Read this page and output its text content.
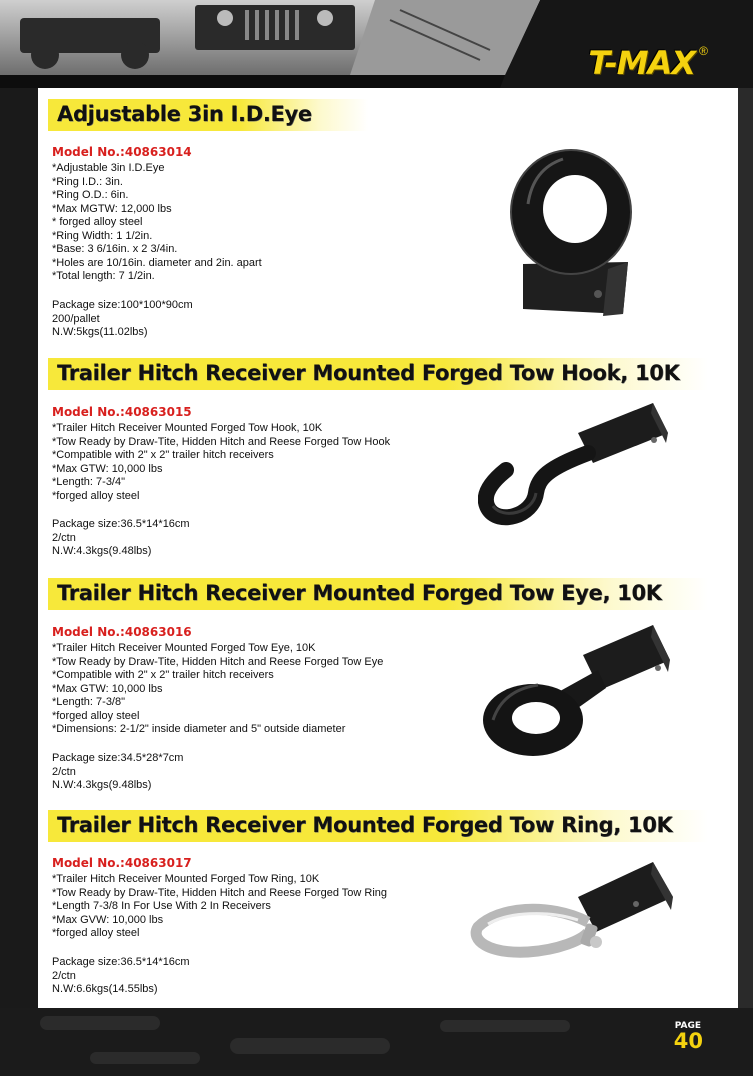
T-MAX ®
Adjustable 3in I.D.Eye
Model No.:40863014
*Adjustable 3in I.D.Eye
*Ring I.D.: 3in.
*Ring O.D.: 6in.
*Max MGTW: 12,000 lbs
* forged alloy steel
*Ring Width: 1 1/2in.
*Base: 3 6/16in. x 2 3/4in.
*Holes are 10/16in. diameter and 2in. apart
*Total length: 7 1/2in.
Package size:100*100*90cm
200/pallet
N.W:5kgs(11.02lbs)
Trailer Hitch Receiver Mounted Forged Tow Hook, 10K
Model No.:40863015
*Trailer Hitch Receiver Mounted Forged Tow Hook, 10K
*Tow Ready by Draw-Tite, Hidden Hitch and Reese Forged Tow Hook
*Compatible with 2" x 2" trailer hitch receivers
*Max GTW: 10,000 lbs
*Length: 7-3/4"
*forged alloy steel
Package size:36.5*14*16cm
2/ctn
N.W:4.3kgs(9.48lbs)
Trailer Hitch Receiver Mounted Forged Tow Eye, 10K
Model No.:40863016
*Trailer Hitch Receiver Mounted Forged Tow Eye, 10K
*Tow Ready by Draw-Tite, Hidden Hitch and Reese Forged Tow Eye
*Compatible with 2" x 2" trailer hitch receivers
*Max GTW: 10,000 lbs
*Length: 7-3/8"
*forged alloy steel
*Dimensions: 2-1/2" inside diameter and 5" outside diameter
Package size:34.5*28*7cm
2/ctn
N.W:4.3kgs(9.48lbs)
Trailer Hitch Receiver Mounted Forged Tow Ring, 10K
Model No.:40863017
*Trailer Hitch Receiver Mounted Forged Tow Ring, 10K
*Tow Ready by Draw-Tite, Hidden Hitch and Reese Forged Tow Ring
*Length 7-3/8 In For Use With 2 In Receivers
*Max GVW: 10,000 lbs
*forged alloy steel
Package size:36.5*14*16cm
2/ctn
N.W:6.6kgs(14.55lbs)
PAGE
40
